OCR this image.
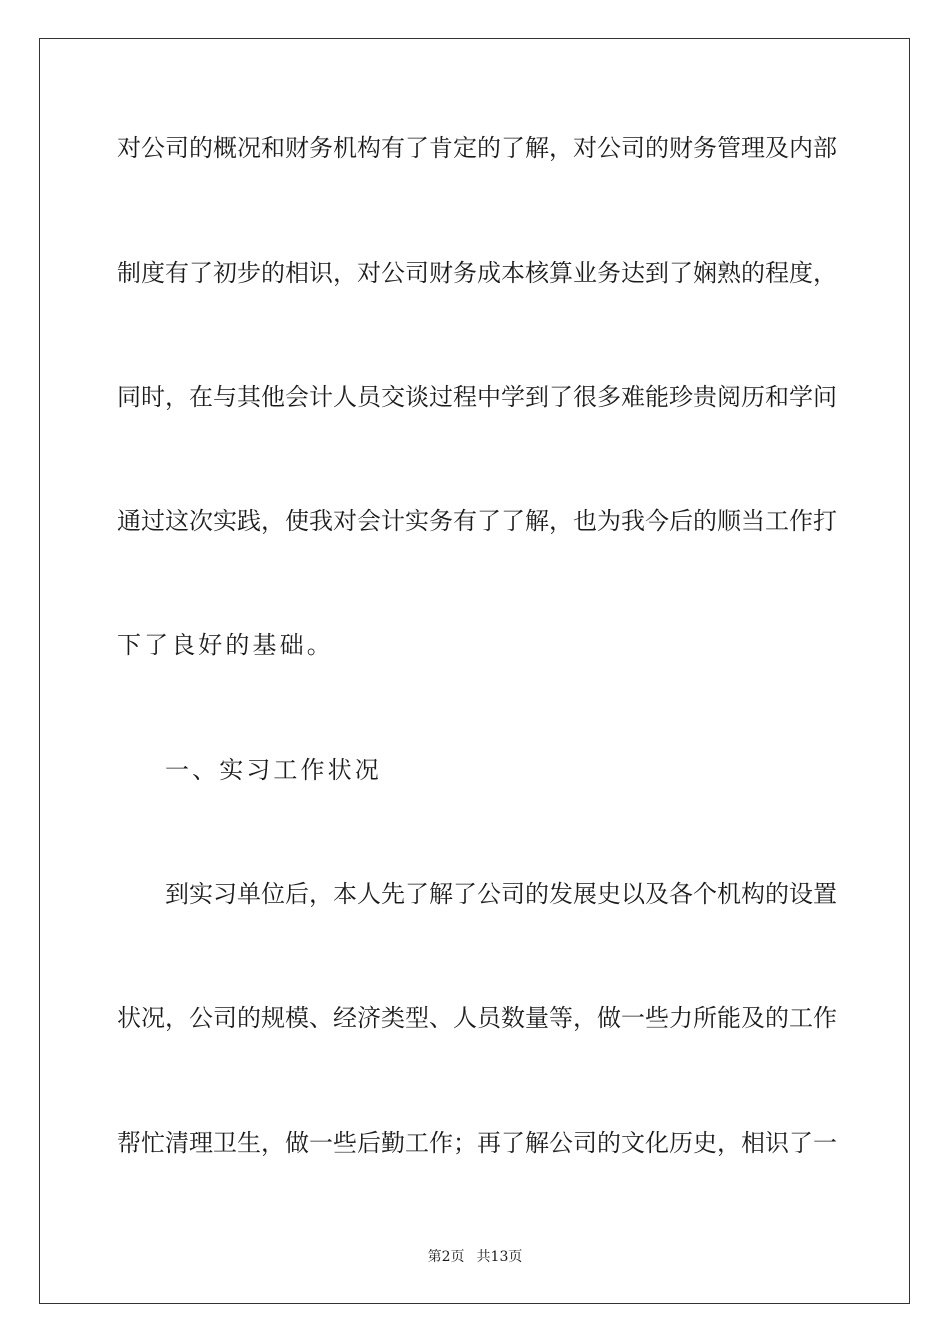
对公司的概况和财务机构有了肯定的了解，对公司的财务管理及内部
制度有了初步的相识，对公司财务成本核算业务达到了娴熟的程度，
同时，在与其他会计人员交谈过程中学到了很多难能珍贵阅历和学问
通过这次实践，使我对会计实务有了了解，也为我今后的顺当工作打
下了良好的基础。
一、实习工作状况
到实习单位后，本人先了解了公司的发展史以及各个机构的设置
状况，公司的规模、经济类型、人员数量等，做一些力所能及的工作
帮忙清理卫生，做一些后勤工作；再了解公司的文化历史，相识了一
第2页 共13页
